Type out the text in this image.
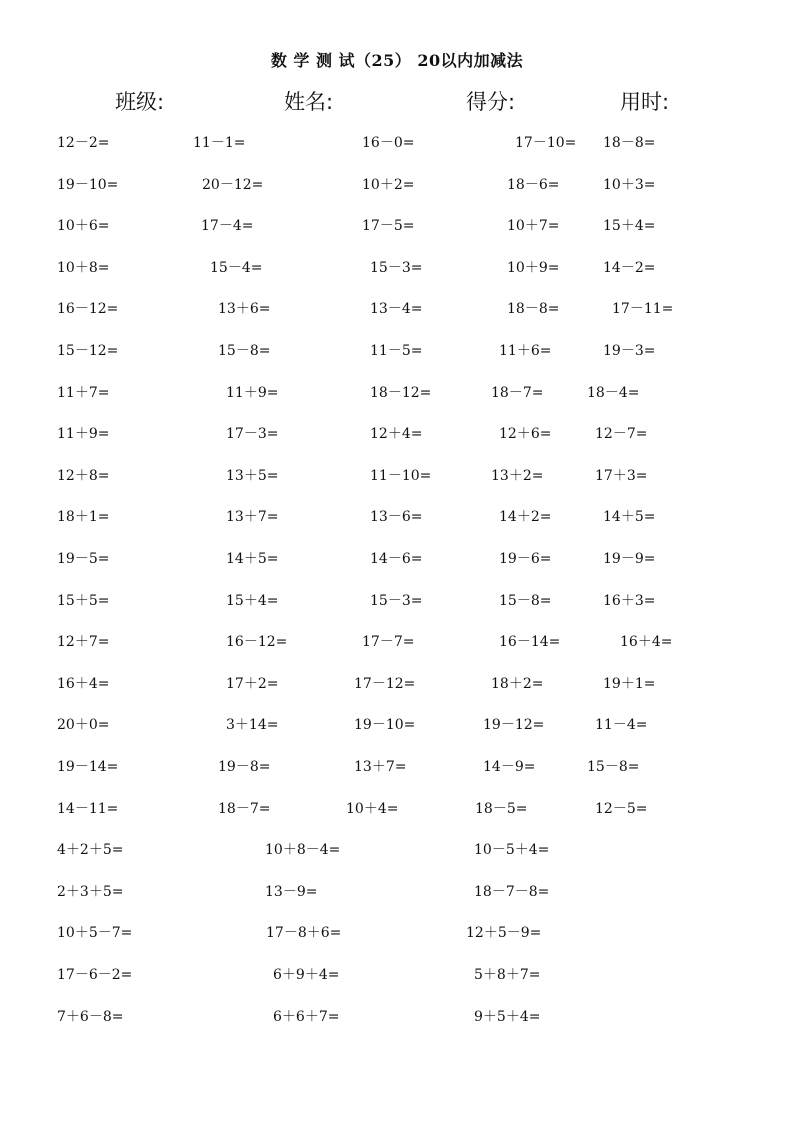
数 学 测 试（25） 20以内加减法
班级:	姓名:	得分:	用时:
12－2=	11－1=	16－0=	17－10= 18－8=
19－10=	20－12=	10＋2=	18－6=	10＋3=
10＋6=	17－4=	17－5=	10＋7=	15＋4=
10＋8=	15－4=	15－3=	10＋9=	14－2=
16－12=	13＋6=	13－4=	18－8=	17－11=
15－12=	15－8=	11－5=	11＋6=	19－3=
11＋7=	11＋9=	18－12=	18－7=	18－4=
11＋9=	17－3=	12＋4=	12＋6=	12－7=
12＋8=	13＋5=	11－10=	13＋2=	17＋3=
18＋1=	13＋7=	13－6=	14＋2=	14＋5=
19－5=	14＋5=	14－6=	19－6=	19－9=
15＋5=	15＋4=	15－3=	15－8=	16＋3=
12＋7=	16－12=	17－7=	16－14=	16＋4=
16＋4=	17＋2=	17－12=	18＋2=	19＋1=
20＋0=	3＋14=	19－10=	19－12=	11－4=
19－14=	19－8=	13＋7=	14－9=	15－8=
14－11=	18－7=	10＋4=	18－5=	12－5=
4＋2＋5=	10＋8－4=	10－5＋4=
2＋3＋5=	13－9=	18－7－8=
10＋5－7=	17－8＋6=	12＋5－9=
17－6－2=	6＋9＋4=	5＋8＋7=
7＋6－8=	6＋6＋7=	9＋5＋4=
